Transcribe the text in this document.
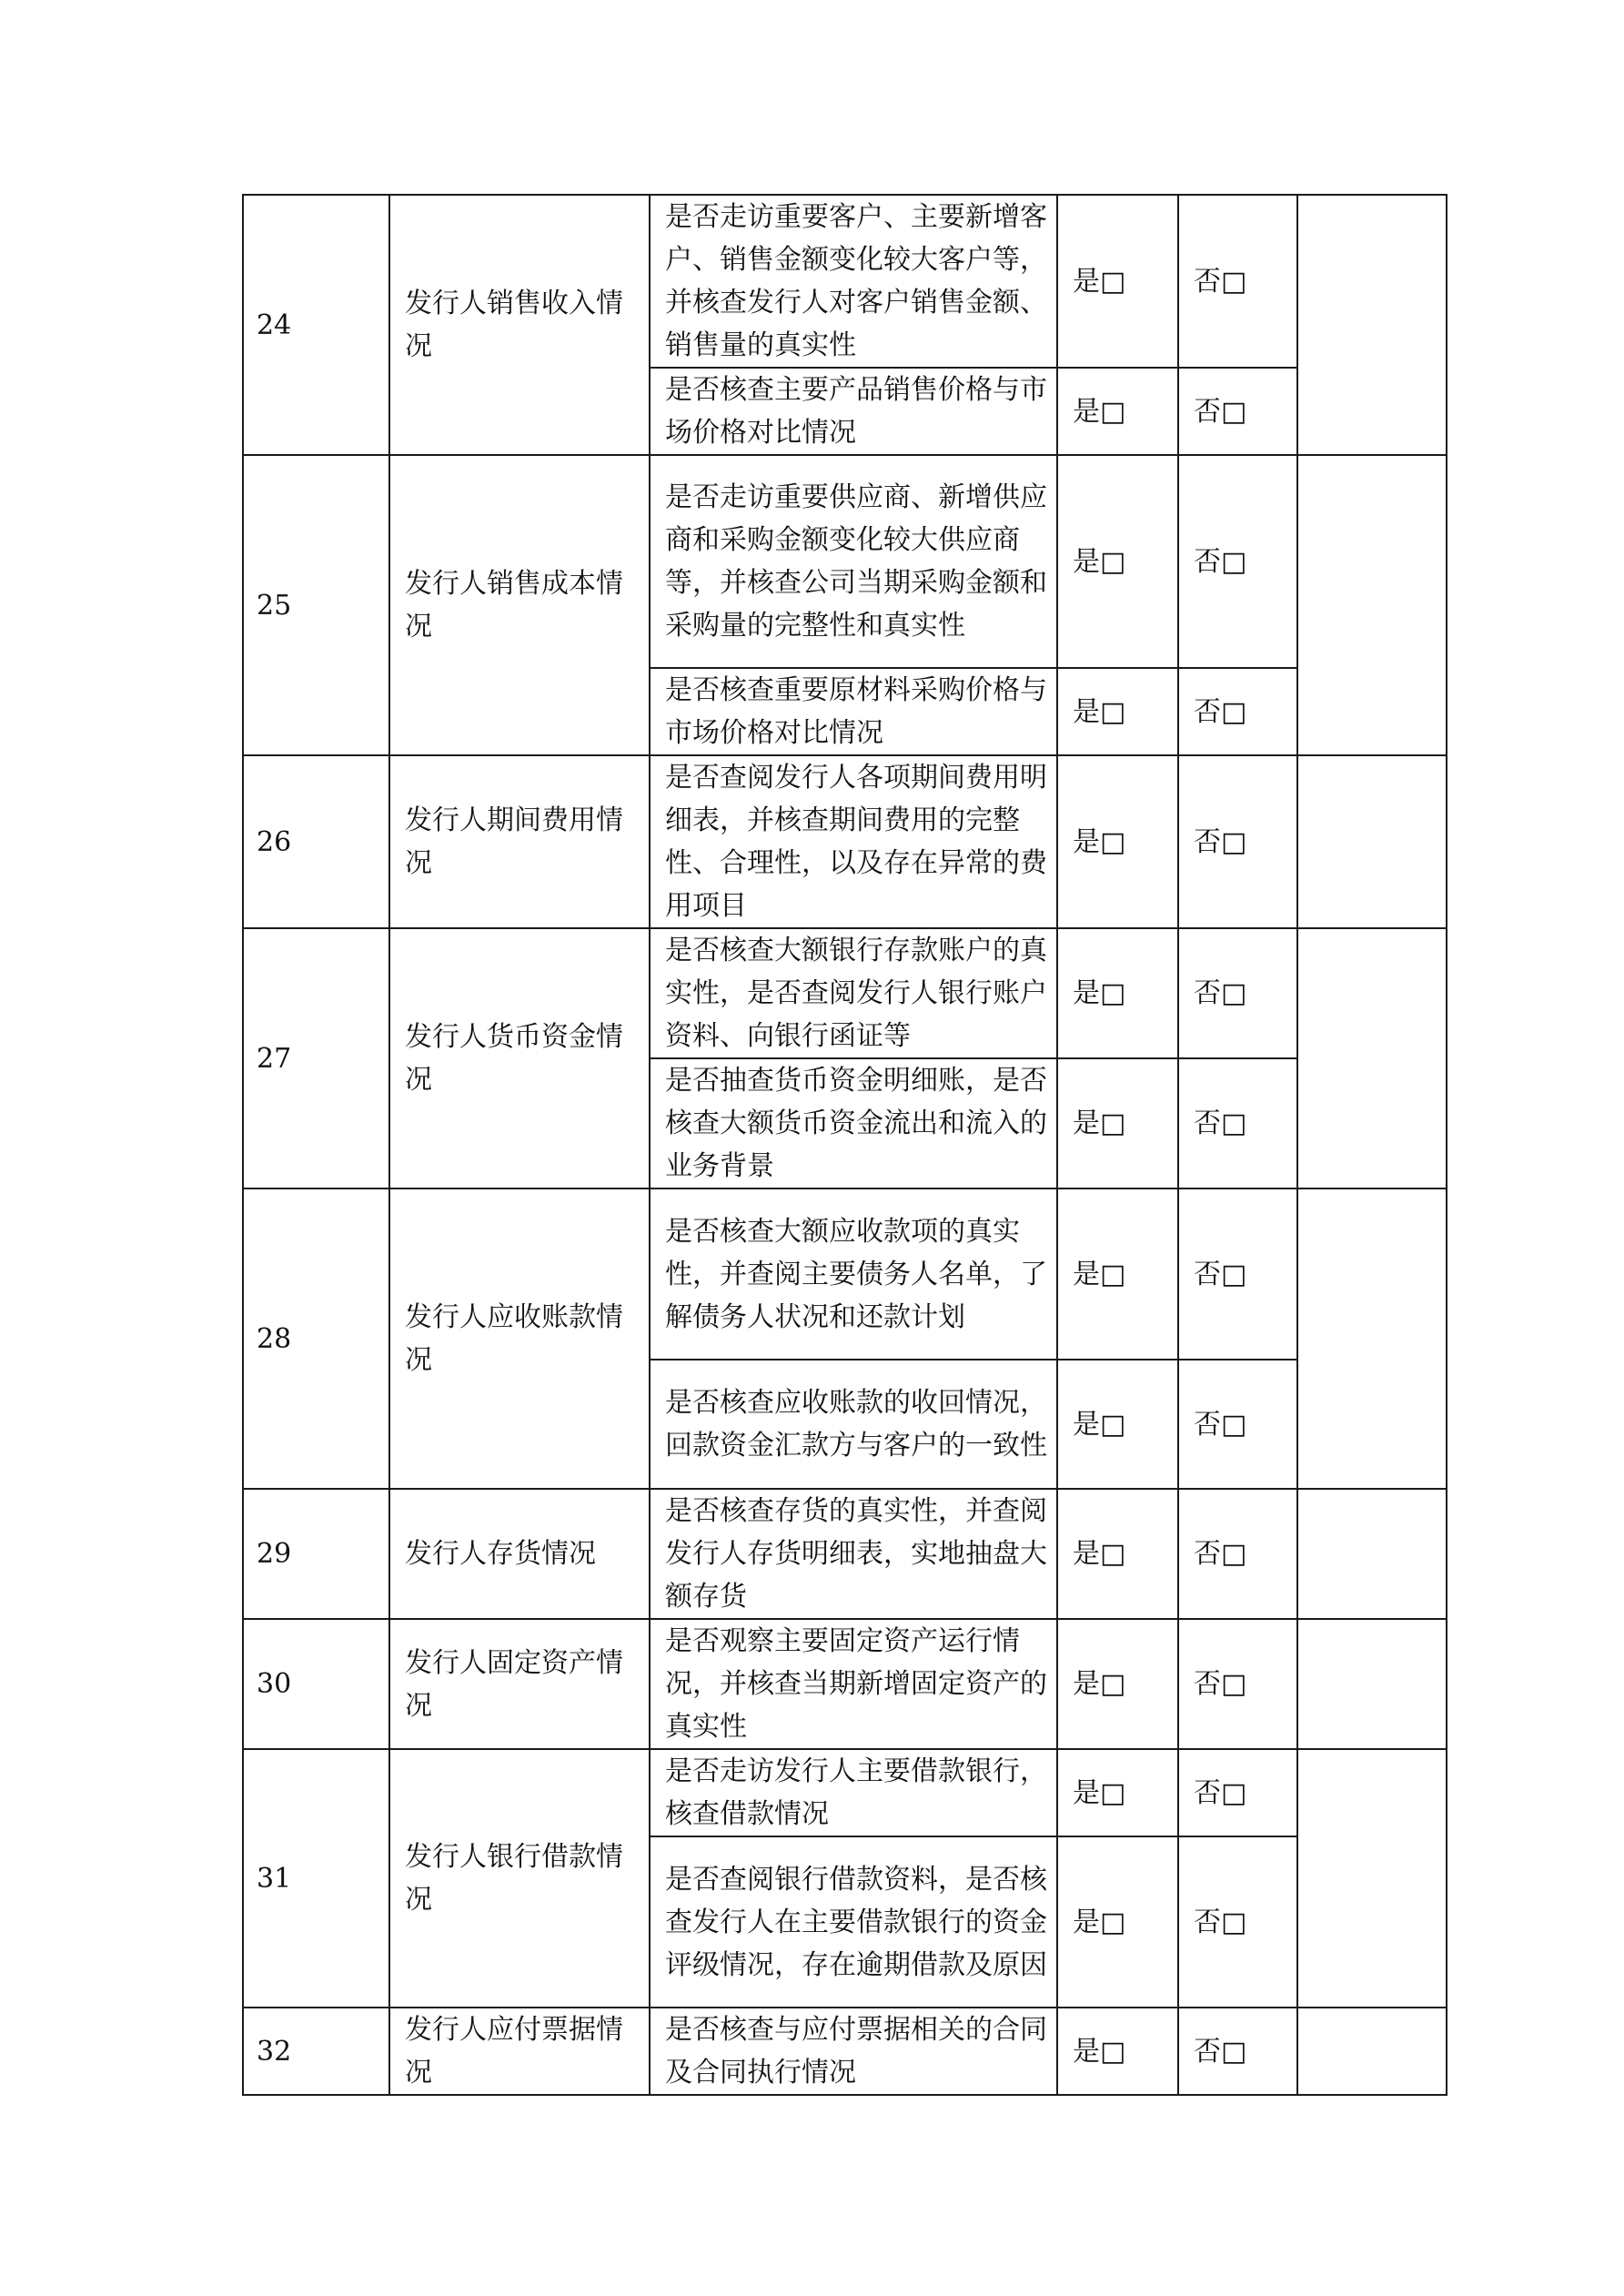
24	发行人销售收入情况	是否走访重要客户、主要新增客户、销售金额变化较大客户等，并核查发行人对客户销售金额、销售量的真实性	是□	否□	
		是否核查主要产品销售价格与市场价格对比情况	是□	否□	
25	发行人销售成本情况	是否走访重要供应商、新增供应商和采购金额变化较大供应商等，并核查公司当期采购金额和采购量的完整性和真实性	是□	否□	
		是否核查重要原材料采购价格与市场价格对比情况	是□	否□	
26	发行人期间费用情况	是否查阅发行人各项期间费用明细表，并核查期间费用的完整性、合理性，以及存在异常的费用项目	是□	否□	
27	发行人货币资金情况	是否核查大额银行存款账户的真实性，是否查阅发行人银行账户资料、向银行函证等	是□	否□	
		是否抽查货币资金明细账，是否核查大额货币资金流出和流入的业务背景	是□	否□	
28	发行人应收账款情况	是否核查大额应收款项的真实性，并查阅主要债务人名单，了解债务人状况和还款计划	是□	否□	
		是否核查应收账款的收回情况，回款资金汇款方与客户的一致性	是□	否□	
29	发行人存货情况	是否核查存货的真实性，并查阅发行人存货明细表，实地抽盘大额存货	是□	否□	
30	发行人固定资产情况	是否观察主要固定资产运行情况，并核查当期新增固定资产的真实性	是□	否□	
31	发行人银行借款情况	是否走访发行人主要借款银行，核查借款情况	是□	否□	
		是否查阅银行借款资料，是否核查发行人在主要借款银行的资金评级情况，存在逾期借款及原因	是□	否□	
32	发行人应付票据情况	是否核查与应付票据相关的合同及合同执行情况	是□	否□	
